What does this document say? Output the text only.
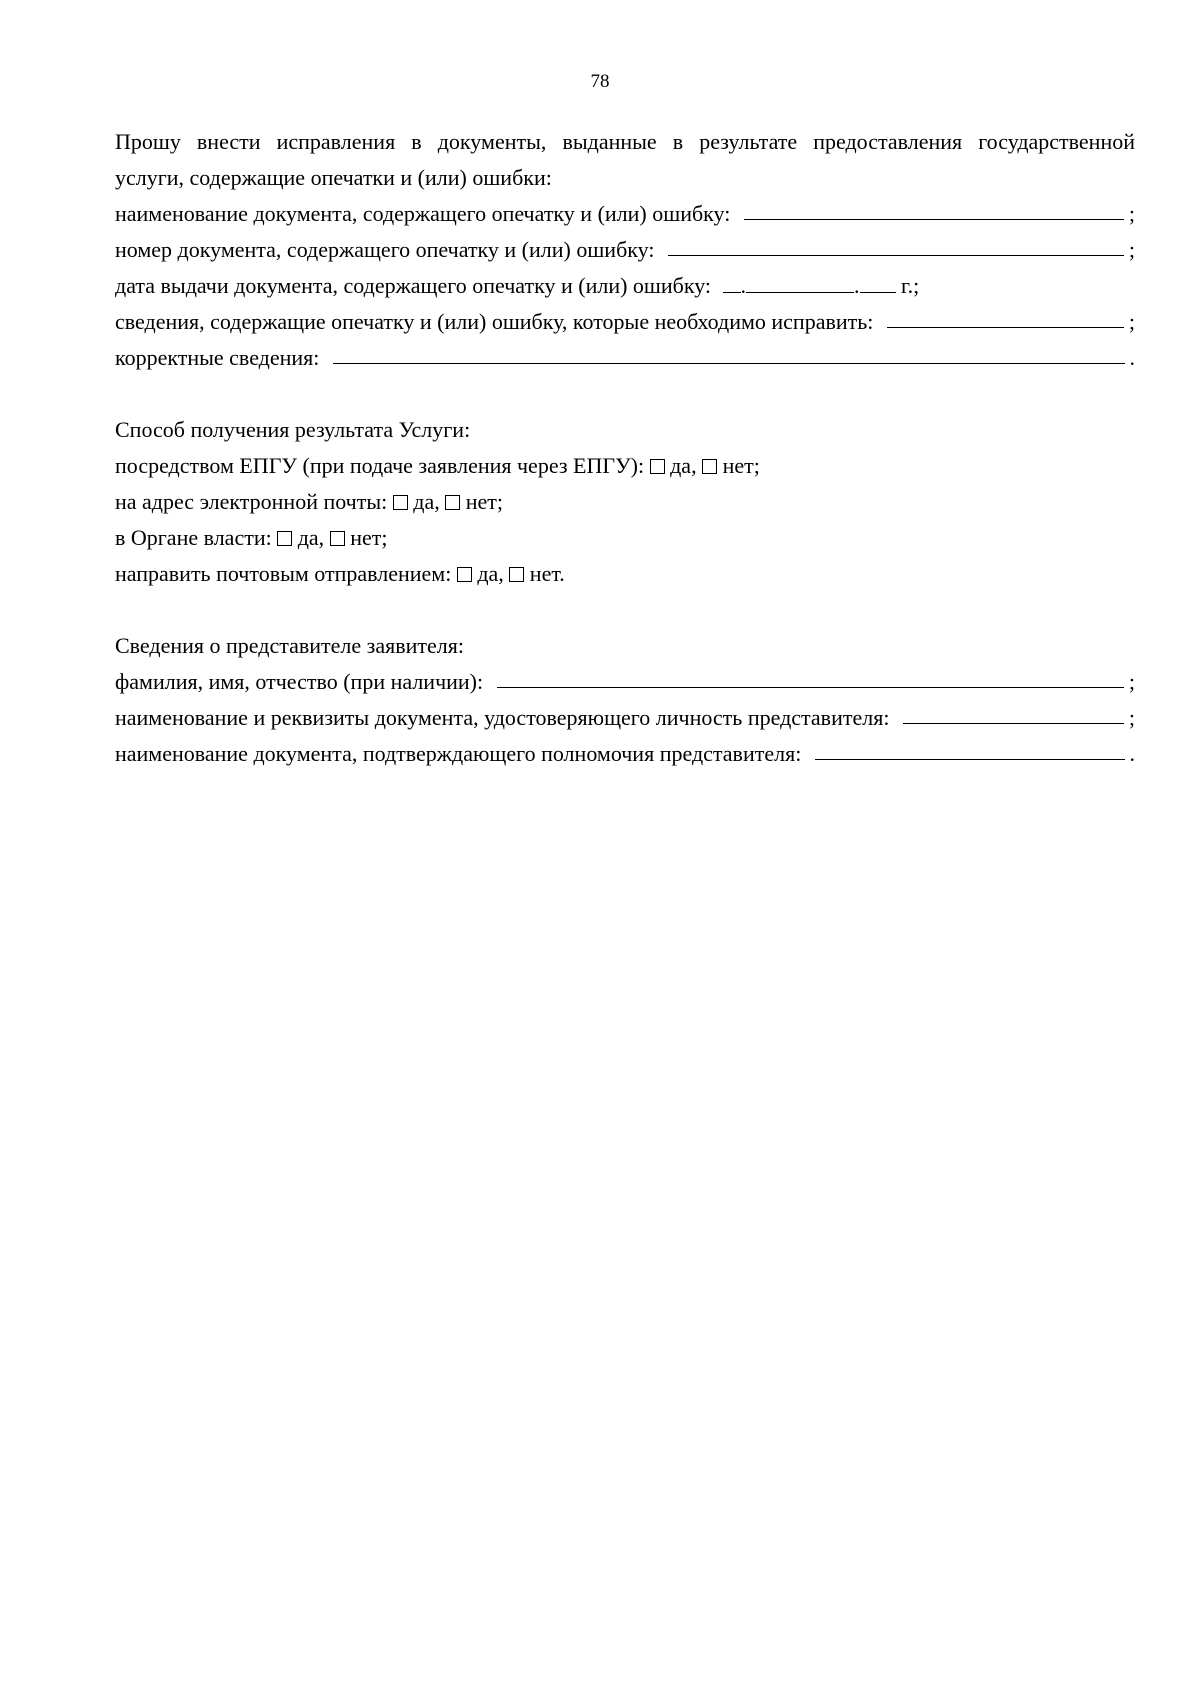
78
Прошу внести исправления в документы, выданные в результате предоставления государственной
услуги, содержащие опечатки и (или) ошибки:
наименование документа, содержащего опечатку и (или) ошибку:	;
номер документа, содержащего опечатку и (или) ошибку:	;
дата выдачи документа, содержащего опечатку и (или) ошибку: .	. г.;
сведения, содержащие опечатку и (или) ошибку, которые необходимо исправить:	;
корректные сведения:	.
Способ получения результата Услуги:
посредством ЕПГУ (при подаче заявления через ЕПГУ): да, нет;
на адрес электронной почты: да, нет;
в Органе власти: да, нет;
направить почтовым отправлением: да, нет.
Сведения о представителе заявителя:
фамилия, имя, отчество (при наличии):	;
наименование и реквизиты документа, удостоверяющего личность представителя:	;
наименование документа, подтверждающего полномочия представителя:	.
